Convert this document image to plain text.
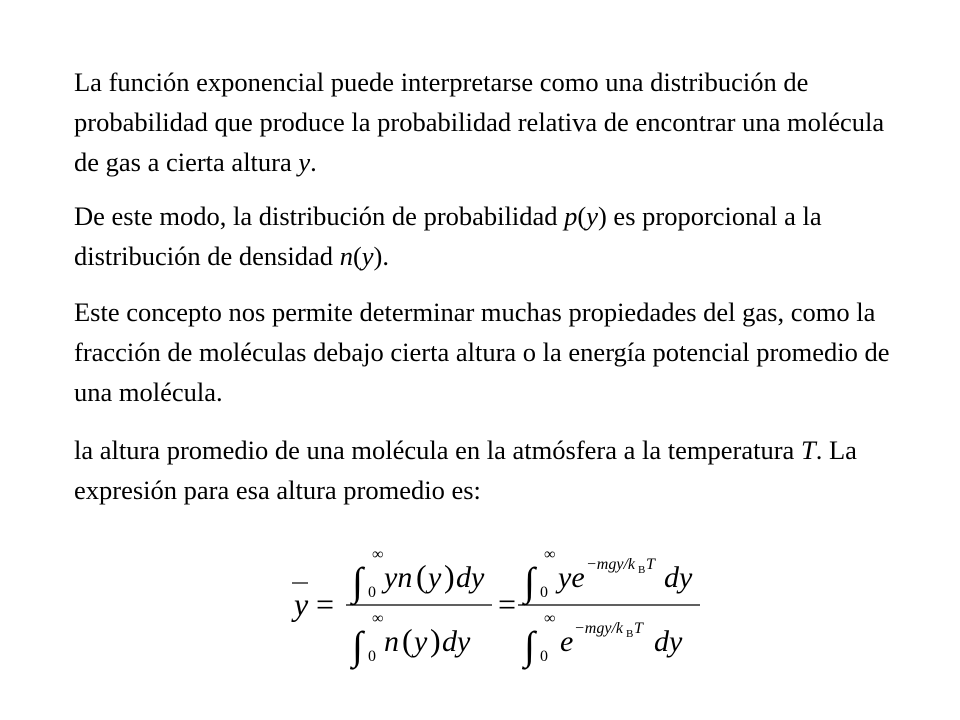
La función exponencial puede interpretarse como una distribución de probabilidad que produce la probabilidad relativa de encontrar una molécula de gas a cierta altura y.

De este modo, la distribución de probabilidad p(y) es proporcional a la distribución de densidad n(y).

Este concepto nos permite determinar muchas propiedades del gas, como la fracción de moléculas debajo cierta altura o la energía potencial promedio de una molécula.

la altura promedio de una molécula en la atmósfera a la temperatura T. La expresión para esa altura promedio es:

y = ∫
∞
0 yn ( y ) dy
∫
∞
0 n ( y ) dy
= ∫
∞
0 ye −mgy/k B T dy
∫
∞
0 e −mgy/k B T dy
